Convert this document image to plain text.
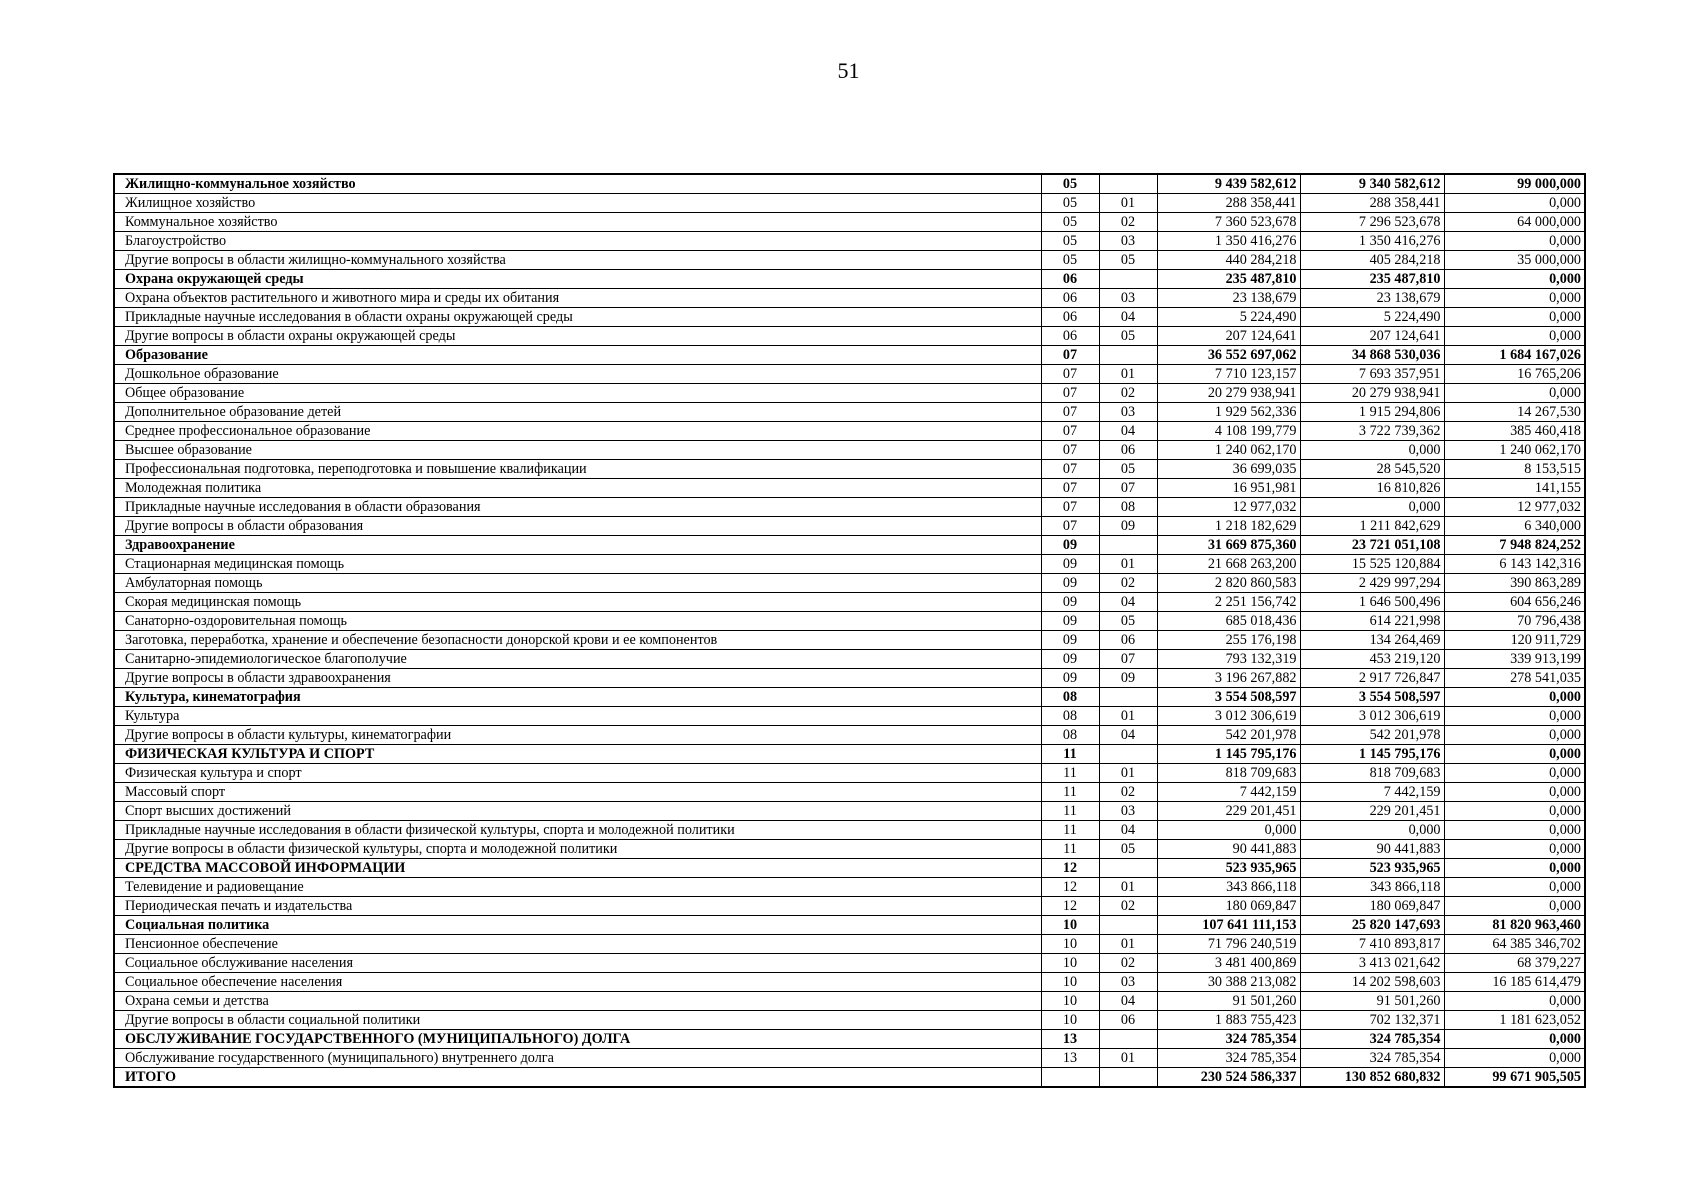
51
Жилищно-коммунальное хозяйство	05		9 439 582,612	9 340 582,612	99 000,000
Жилищное хозяйство	05	01	288 358,441	288 358,441	0,000
Коммунальное хозяйство	05	02	7 360 523,678	7 296 523,678	64 000,000
Благоустройство	05	03	1 350 416,276	1 350 416,276	0,000
Другие вопросы в области жилищно-коммунального хозяйства	05	05	440 284,218	405 284,218	35 000,000
Охрана окружающей среды	06		235 487,810	235 487,810	0,000
Охрана объектов растительного и животного мира и среды их обитания	06	03	23 138,679	23 138,679	0,000
Прикладные научные исследования в области охраны окружающей среды	06	04	5 224,490	5 224,490	0,000
Другие вопросы в области охраны окружающей среды	06	05	207 124,641	207 124,641	0,000
Образование	07		36 552 697,062	34 868 530,036	1 684 167,026
Дошкольное образование	07	01	7 710 123,157	7 693 357,951	16 765,206
Общее образование	07	02	20 279 938,941	20 279 938,941	0,000
Дополнительное образование детей	07	03	1 929 562,336	1 915 294,806	14 267,530
Среднее профессиональное образование	07	04	4 108 199,779	3 722 739,362	385 460,418
Высшее образование	07	06	1 240 062,170	0,000	1 240 062,170
Профессиональная подготовка, переподготовка и повышение квалификации	07	05	36 699,035	28 545,520	8 153,515
Молодежная политика	07	07	16 951,981	16 810,826	141,155
Прикладные научные исследования в области образования	07	08	12 977,032	0,000	12 977,032
Другие вопросы в области образования	07	09	1 218 182,629	1 211 842,629	6 340,000
Здравоохранение	09		31 669 875,360	23 721 051,108	7 948 824,252
Стационарная медицинская помощь	09	01	21 668 263,200	15 525 120,884	6 143 142,316
Амбулаторная помощь	09	02	2 820 860,583	2 429 997,294	390 863,289
Скорая медицинская помощь	09	04	2 251 156,742	1 646 500,496	604 656,246
Санаторно-оздоровительная помощь	09	05	685 018,436	614 221,998	70 796,438
Заготовка, переработка, хранение и обеспечение безопасности донорской крови и ее компонентов	09	06	255 176,198	134 264,469	120 911,729
Санитарно-эпидемиологическое благополучие	09	07	793 132,319	453 219,120	339 913,199
Другие вопросы в области здравоохранения	09	09	3 196 267,882	2 917 726,847	278 541,035
Культура, кинематография	08		3 554 508,597	3 554 508,597	0,000
Культура	08	01	3 012 306,619	3 012 306,619	0,000
Другие вопросы в области культуры, кинематографии	08	04	542 201,978	542 201,978	0,000
ФИЗИЧЕСКАЯ КУЛЬТУРА И СПОРТ	11		1 145 795,176	1 145 795,176	0,000
Физическая культура и спорт	11	01	818 709,683	818 709,683	0,000
Массовый спорт	11	02	7 442,159	7 442,159	0,000
Спорт высших достижений	11	03	229 201,451	229 201,451	0,000
Прикладные научные исследования в области физической культуры, спорта и молодежной политики	11	04	0,000	0,000	0,000
Другие вопросы в области физической культуры, спорта и молодежной политики	11	05	90 441,883	90 441,883	0,000
СРЕДСТВА МАССОВОЙ ИНФОРМАЦИИ	12		523 935,965	523 935,965	0,000
Телевидение и радиовещание	12	01	343 866,118	343 866,118	0,000
Периодическая печать и издательства	12	02	180 069,847	180 069,847	0,000
Социальная политика	10		107 641 111,153	25 820 147,693	81 820 963,460
Пенсионное обеспечение	10	01	71 796 240,519	7 410 893,817	64 385 346,702
Социальное обслуживание населения	10	02	3 481 400,869	3 413 021,642	68 379,227
Социальное обеспечение населения	10	03	30 388 213,082	14 202 598,603	16 185 614,479
Охрана семьи и детства	10	04	91 501,260	91 501,260	0,000
Другие вопросы в области социальной политики	10	06	1 883 755,423	702 132,371	1 181 623,052
ОБСЛУЖИВАНИЕ ГОСУДАРСТВЕННОГО (МУНИЦИПАЛЬНОГО) ДОЛГА	13		324 785,354	324 785,354	0,000
Обслуживание государственного (муниципального) внутреннего долга	13	01	324 785,354	324 785,354	0,000
ИТОГО			230 524 586,337	130 852 680,832	99 671 905,505
